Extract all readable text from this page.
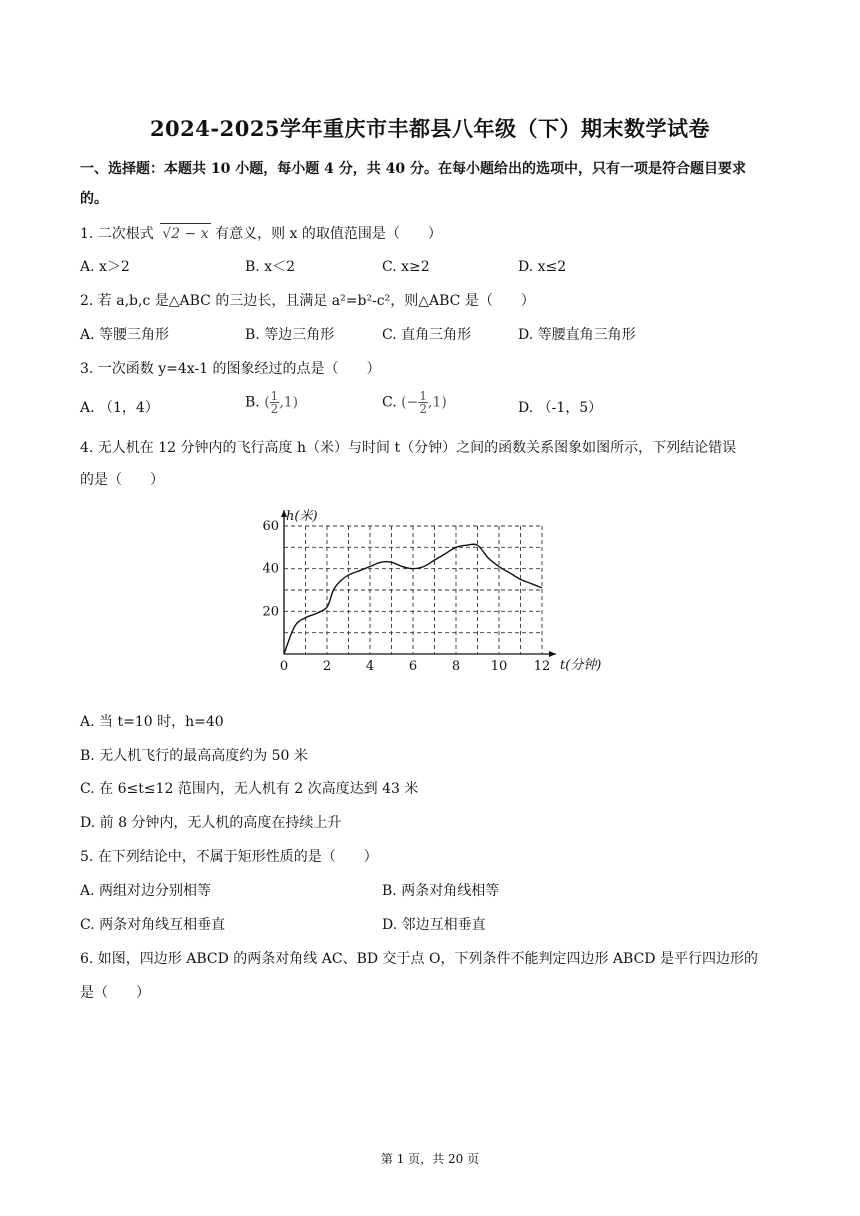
2024-2025学年重庆市丰都县八年级（下）期末数学试卷
一、选择题：本题共 10 小题，每小题 4 分，共 40 分。在每小题给出的选项中，只有一项是符合题目要求
的。
1. 二次根式 √2 − x 有意义，则 x 的取值范围是（　　）
A. x＞2	B. x＜2	C. x≥2	D. x≤2
2. 若 a,b,c 是△ABC 的三边长，且满足 a²=b²-c²，则△ABC 是（　　）
A. 等腰三角形	B. 等边三角形	C. 直角三角形	D. 等腰直角三角形
3. 一次函数 y=4x-1 的图象经过的点是（　　）
A. （1，4）	B. ( $\frac{1}{2} ,1$)	C. (− $\frac{1}{2} ,1$)	D. （-1，5）
4. 无人机在 12 分钟内的飞行高度 h（米）与时间 t（分钟）之间的函数关系图象如图所示，下列结论错误
的是（　　）
h(米)
t(分钟)
0	2	4	6	8 10 12
20
40
60
A. 当 t=10 时，h=40
B. 无人机飞行的最高高度约为 50 米
C. 在 6≤t≤12 范围内，无人机有 2 次高度达到 43 米
D. 前 8 分钟内，无人机的高度在持续上升
5. 在下列结论中，不属于矩形性质的是（　　）
A. 两组对边分别相等	B. 两条对角线相等
C. 两条对角线互相垂直	D. 邻边互相垂直
6. 如图，四边形 ABCD 的两条对角线 AC、BD 交于点 O，下列条件不能判定四边形 ABCD 是平行四边形的
是（　　）
第 1 页，共 20 页
